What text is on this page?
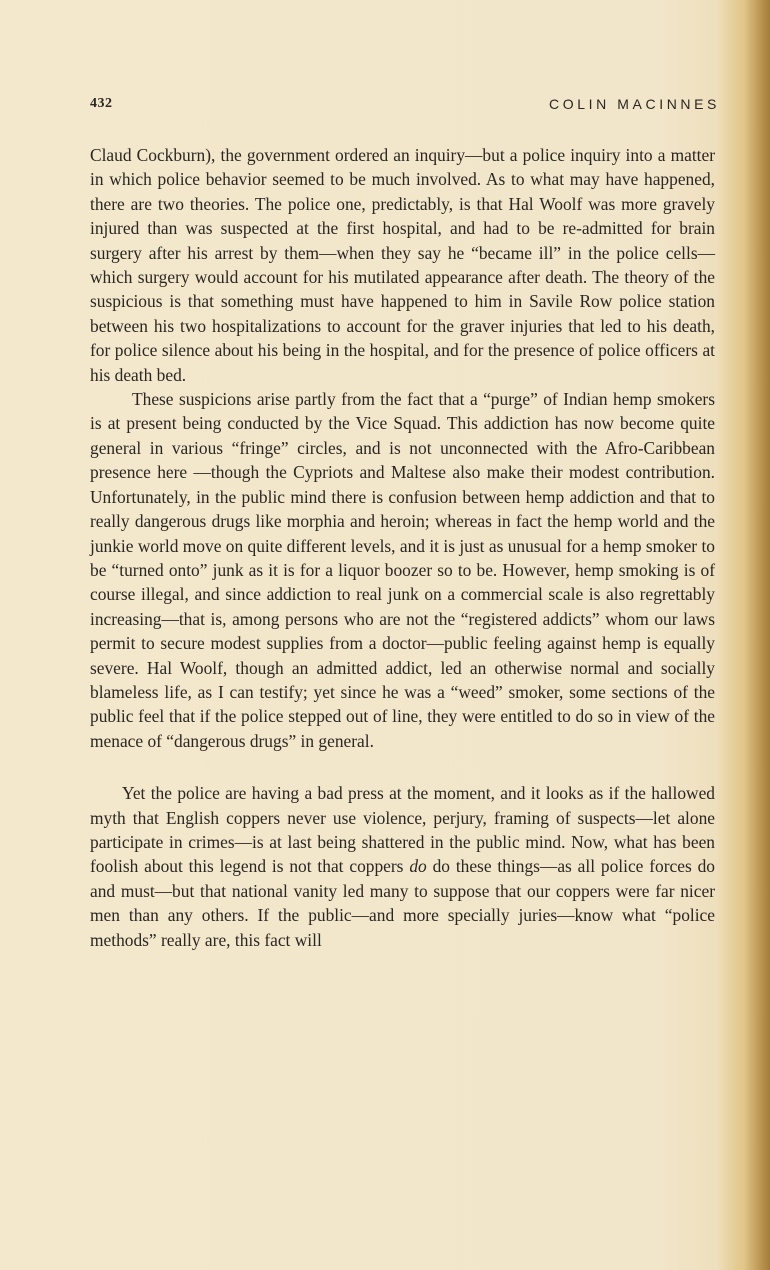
432	COLIN MACINNES

Claud Cockburn), the government ordered an inquiry—but a police inquiry into a matter in which police behavior seemed to be much involved. As to what may have happened, there are two theories. The police one, predictably, is that Hal Woolf was more gravely injured than was suspected at the first hospital, and had to be re-admitted for brain surgery after his arrest by them—when they say he “became ill” in the police cells—which surgery would account for his mutilated appearance after death. The theory of the suspicious is that something must have happened to him in Savile Row police station between his two hospitalizations to account for the graver injuries that led to his death, for police silence about his being in the hospital, and for the presence of police officers at his death bed.

These suspicions arise partly from the fact that a “purge” of Indian hemp smokers is at present being conducted by the Vice Squad. This addiction has now become quite general in various “fringe” circles, and is not unconnected with the Afro-Caribbean presence here —though the Cypriots and Maltese also make their modest contribution. Unfortunately, in the public mind there is confusion between hemp addiction and that to really dangerous drugs like morphia and heroin; whereas in fact the hemp world and the junkie world move on quite different levels, and it is just as unusual for a hemp smoker to be “turned onto” junk as it is for a liquor boozer so to be. However, hemp smoking is of course illegal, and since addiction to real junk on a commercial scale is also regrettably increasing—that is, among persons who are not the “registered addicts” whom our laws permit to secure modest supplies from a doctor—public feeling against hemp is equally severe. Hal Woolf, though an admitted addict, led an otherwise normal and socially blameless life, as I can testify; yet since he was a “weed” smoker, some sections of the public feel that if the police stepped out of line, they were entitled to do so in view of the menace of “dangerous drugs” in general.

Yet the police are having a bad press at the moment, and it looks as if the hallowed myth that English coppers never use violence, perjury, framing of suspects—let alone participate in crimes—is at last being shattered in the public mind. Now, what has been foolish about this legend is not that coppers do do these things—as all police forces do and must—but that national vanity led many to suppose that our coppers were far nicer men than any others. If the public—and more specially juries—know what “police methods” really are, this fact will
